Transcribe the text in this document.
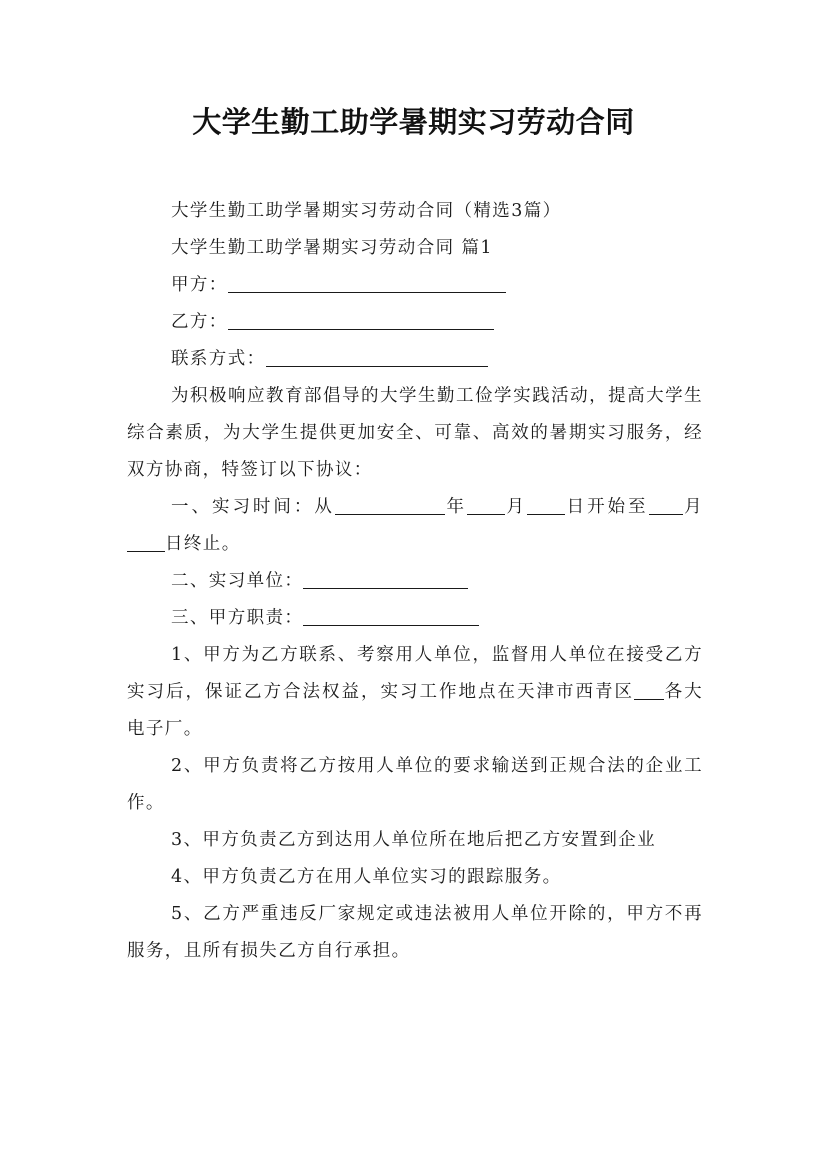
大学生勤工助学暑期实习劳动合同
大学生勤工助学暑期实习劳动合同（精选3篇）
大学生勤工助学暑期实习劳动合同 篇1
甲方：
乙方：
联系方式：
为积极响应教育部倡导的大学生勤工俭学实践活动，提高大学生综合素质，为大学生提供更加安全、可靠、高效的暑期实习服务，经双方协商，特签订以下协议：
一、实习时间：从	年 月 日开始至 月日终止。
二、实习单位：
三、甲方职责：
1、甲方为乙方联系、考察用人单位，监督用人单位在接受乙方实习后，保证乙方合法权益，实习工作地点在天津市西青区 各大电子厂。
2、甲方负责将乙方按用人单位的要求输送到正规合法的企业工作。
3、甲方负责乙方到达用人单位所在地后把乙方安置到企业
4、甲方负责乙方在用人单位实习的跟踪服务。
5、乙方严重违反厂家规定或违法被用人单位开除的，甲方不再服务，且所有损失乙方自行承担。
